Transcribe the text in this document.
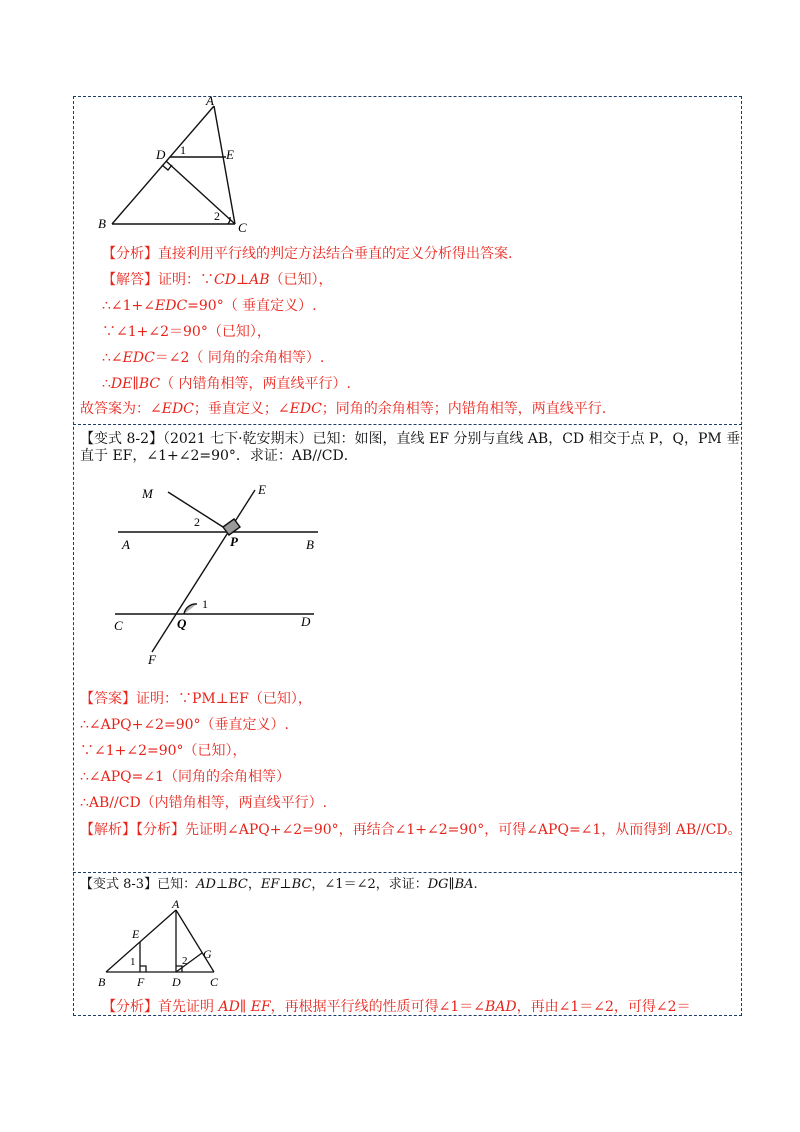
A
D	E
1
2
B	C
【分析】直接利用平行线的判定方法结合垂直的定义分析得出答案.
【解答】证明：∵CD⊥AB（已知），
∴∠1+∠EDC=90°（ 垂直定义）.
∵∠1+∠2＝90°（已知），
∴∠EDC＝∠2（ 同角的余角相等）.
∴DE∥BC（ 内错角相等，两直线平行）.
故答案为：∠EDC；垂直定义；∠EDC；同角的余角相等；内错角相等，两直线平行.
【变式 8-2】（2021 七下·乾安期末）已知：如图，直线 EF 分别与直线 AB，CD 相交于点 P，Q，PM 垂
直于 EF，∠1+∠2=90°．求证：AB//CD．
M	E
2
A	P	B
1
C	Q	D
F
【答案】证明：∵PM⊥EF（已知），
∴∠APQ+∠2=90°（垂直定义）.
∵∠1+∠2=90°（已知），
∴∠APQ=∠1（同角的余角相等）
∴AB//CD（内错角相等，两直线平行）.
【解析】【分析】先证明∠APQ+∠2=90°，再结合∠1+∠2=90°，可得∠APQ=∠1，从而得到 AB//CD。
【变式 8-3】已知：AD⊥BC，EF⊥BC，∠1＝∠2，求证：DG∥BA.
A
E
G
1	2
B	F D C
【分析】首先证明 AD∥ EF，再根据平行线的性质可得∠1＝∠BAD，再由∠1＝∠2，可得∠2＝
